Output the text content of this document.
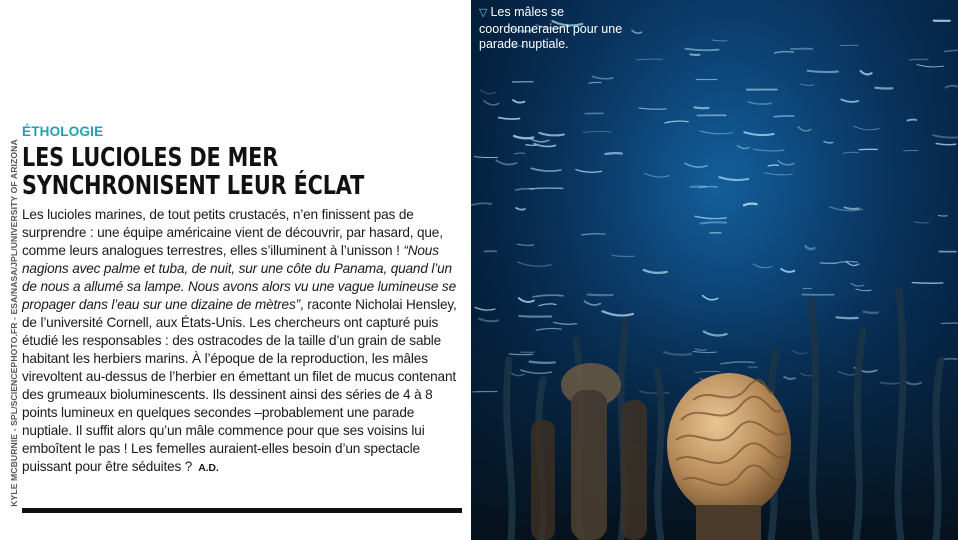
KYLE MCBURNIE - SPL/SCIENCEPHOTO.FR - ESA/NASA/JPL/UNIVERSITY OF ARIZONA
ÉTHOLOGIE
LES LUCIOLES DE MER
SYNCHRONISENT LEUR ÉCLAT
Les lucioles marines, de tout petits crustacés, n’en finissent pas de surprendre : une équipe américaine vient de découvrir, par hasard, que, comme leurs analogues terrestres, elles s’illuminent à l’unisson ! “Nous nagions avec palme et tuba, de nuit, sur une côte du Panama, quand l’un de nous a allumé sa lampe. Nous avons alors vu une vague lumineuse se propager dans l’eau sur une dizaine de mètres”, raconte Nicholai Hensley, de l’université Cornell, aux États-Unis. Les chercheurs ont capturé puis étudié les responsables : des ostracodes de la taille d’un grain de sable habitant les herbiers marins. À l’époque de la reproduction, les mâles virevoltent au-dessus de l’herbier en émettant un filet de mucus contenant des grumeaux bioluminescents. Ils dessinent ainsi des séries de 4 à 8 points lumineux en quelques secondes –probablement une parade nuptiale. Il suffit alors qu’un mâle commence pour que ses voisins lui emboîtent le pas ! Les femelles auraient-elles besoin d’un spectacle puissant pour être séduites ? A.D.
▽ Les mâles se coordonneraient pour une parade nuptiale.
